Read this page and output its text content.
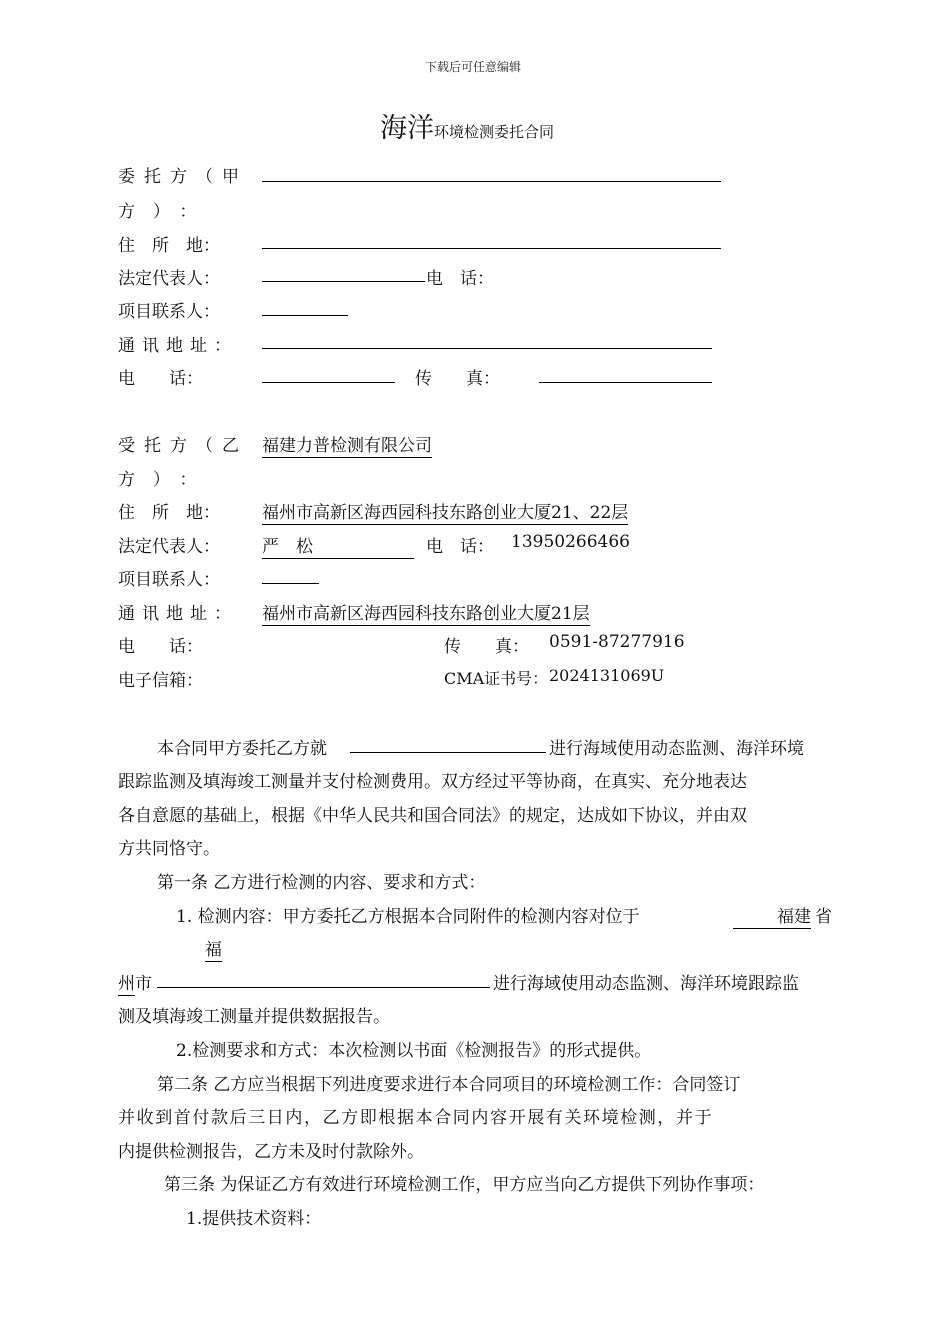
下载后可任意编辑
海洋环境检测委托合同
委托方（甲
方）：
住　所　地：
法定代表人：	电　话：
项目联系人：
通讯地址：
电　　话：	传　　真：
受托方（乙 福建力普检测有限公司
方）：
住　所　地： 福州市高新区海西园科技东路创业大厦21、22层
法定代表人： 严　松	电　话： 13950266466
项目联系人：
通讯地址： 福州市高新区海西园科技东路创业大厦21层
电　　话：	传　　真： 0591-87277916
电子信箱：	CMA证书号： 2024131069U
本合同甲方委托乙方就	进行海域使用动态监测、海洋环境
跟踪监测及填海竣工测量并支付检测费用。双方经过平等协商，在真实、充分地表达
各自意愿的基础上，根据《中华人民共和国合同法》的规定，达成如下协议，并由双
方共同恪守。
第一条 乙方进行检测的内容、要求和方式：
1. 检测内容：甲方委托乙方根据本合同附件的检测内容对位于	福建 省
福
州市	进行海域使用动态监测、海洋环境跟踪监
测及填海竣工测量并提供数据报告。
2.检测要求和方式：本次检测以书面《检测报告》的形式提供。
第二条 乙方应当根据下列进度要求进行本合同项目的环境检测工作：合同签订
并收到首付款后三日内，乙方即根据本合同内容开展有关环境检测，并于
内提供检测报告，乙方未及时付款除外。
第三条 为保证乙方有效进行环境检测工作，甲方应当向乙方提供下列协作事项：
1.提供技术资料：
